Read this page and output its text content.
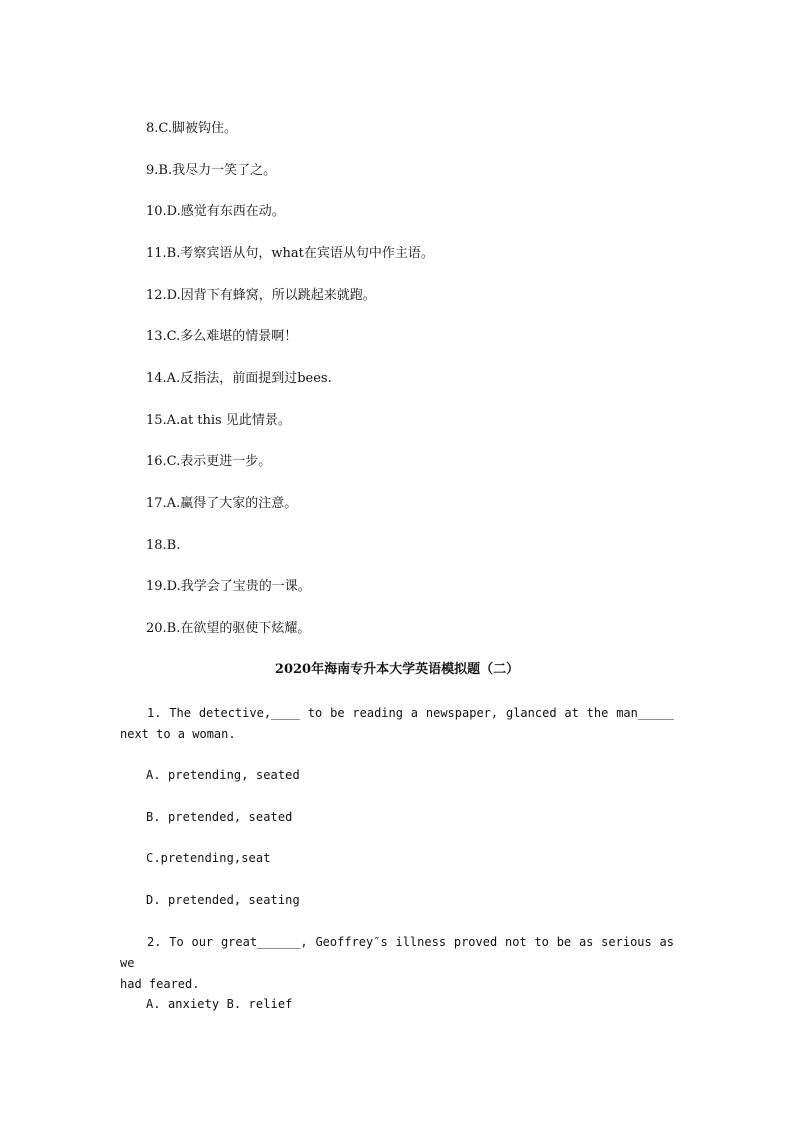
8.C.脚被钩住。
9.B.我尽力一笑了之。
10.D.感觉有东西在动。
11.B.考察宾语从句，what在宾语从句中作主语。
12.D.因背下有蜂窝，所以跳起来就跑。
13.C.多么难堪的情景啊！
14.A.反指法，前面提到过bees.
15.A.at this 见此情景。
16.C.表示更进一步。
17.A.赢得了大家的注意。
18.B.
19.D.我学会了宝贵的一课。
20.B.在欲望的驱使下炫耀。
2020年海南专升本大学英语模拟题（二）
1. The detective,____ to be reading a newspaper, glanced at the man_____
next to a woman.
A. pretending, seated
B. pretended, seated
C.pretending,seat
D. pretended, seating
2. To our great______, Geoffrey″s illness proved not to be as serious as we
had feared.
A. anxiety B. relief
